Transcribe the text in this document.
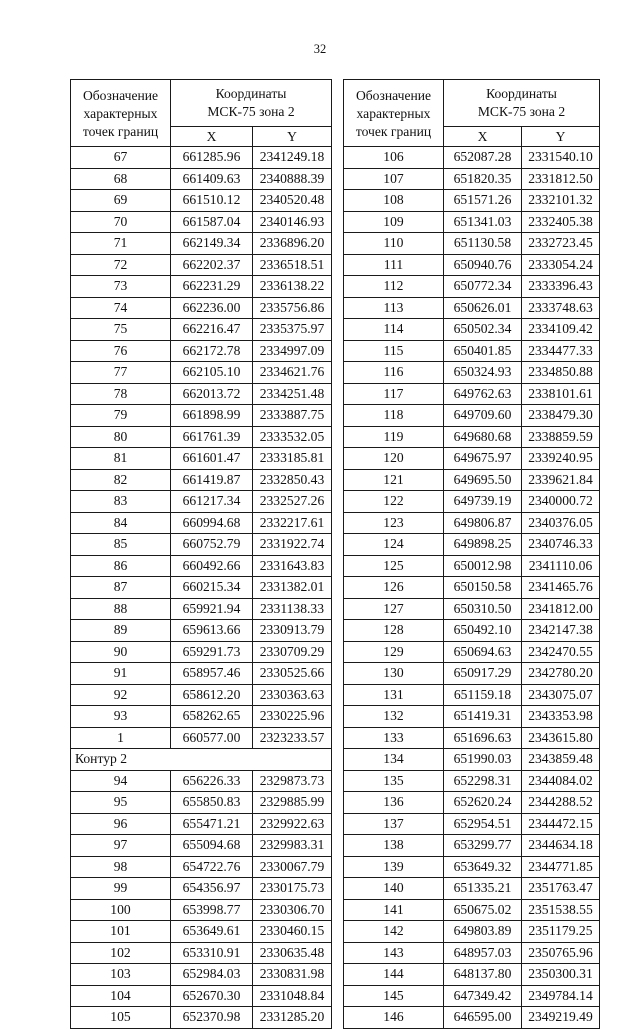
32
Обозначение
характерных
точек границ	Координаты
МСК-75 зона 2	
	X	Y
67	661285.96	2341249.18
68	661409.63	2340888.39
69	661510.12	2340520.48
70	661587.04	2340146.93
71	662149.34	2336896.20
72	662202.37	2336518.51
73	662231.29	2336138.22
74	662236.00	2335756.86
75	662216.47	2335375.97
76	662172.78	2334997.09
77	662105.10	2334621.76
78	662013.72	2334251.48
79	661898.99	2333887.75
80	661761.39	2333532.05
81	661601.47	2333185.81
82	661419.87	2332850.43
83	661217.34	2332527.26
84	660994.68	2332217.61
85	660752.79	2331922.74
86	660492.66	2331643.83
87	660215.34	2331382.01
88	659921.94	2331138.33
89	659613.66	2330913.79
90	659291.73	2330709.29
91	658957.46	2330525.66
92	658612.20	2330363.63
93	658262.65	2330225.96
1	660577.00	2323233.57
Контур 2		
94	656226.33	2329873.73
95	655850.83	2329885.99
96	655471.21	2329922.63
97	655094.68	2329983.31
98	654722.76	2330067.79
99	654356.97	2330175.73
100	653998.77	2330306.70
101	653649.61	2330460.15
102	653310.91	2330635.48
103	652984.03	2330831.98
104	652670.30	2331048.84
105	652370.98	2331285.20
Обозначение
характерных
точек границ	Координаты
МСК-75 зона 2	
	X	Y
106	652087.28	2331540.10
107	651820.35	2331812.50
108	651571.26	2332101.32
109	651341.03	2332405.38
110	651130.58	2332723.45
111	650940.76	2333054.24
112	650772.34	2333396.43
113	650626.01	2333748.63
114	650502.34	2334109.42
115	650401.85	2334477.33
116	650324.93	2334850.88
117	649762.63	2338101.61
118	649709.60	2338479.30
119	649680.68	2338859.59
120	649675.97	2339240.95
121	649695.50	2339621.84
122	649739.19	2340000.72
123	649806.87	2340376.05
124	649898.25	2340746.33
125	650012.98	2341110.06
126	650150.58	2341465.76
127	650310.50	2341812.00
128	650492.10	2342147.38
129	650694.63	2342470.55
130	650917.29	2342780.20
131	651159.18	2343075.07
132	651419.31	2343353.98
133	651696.63	2343615.80
134	651990.03	2343859.48
135	652298.31	2344084.02
136	652620.24	2344288.52
137	652954.51	2344472.15
138	653299.77	2344634.18
139	653649.32	2344771.85
140	651335.21	2351763.47
141	650675.02	2351538.55
142	649803.89	2351179.25
143	648957.03	2350765.96
144	648137.80	2350300.31
145	647349.42	2349784.14
146	646595.00	2349219.49
